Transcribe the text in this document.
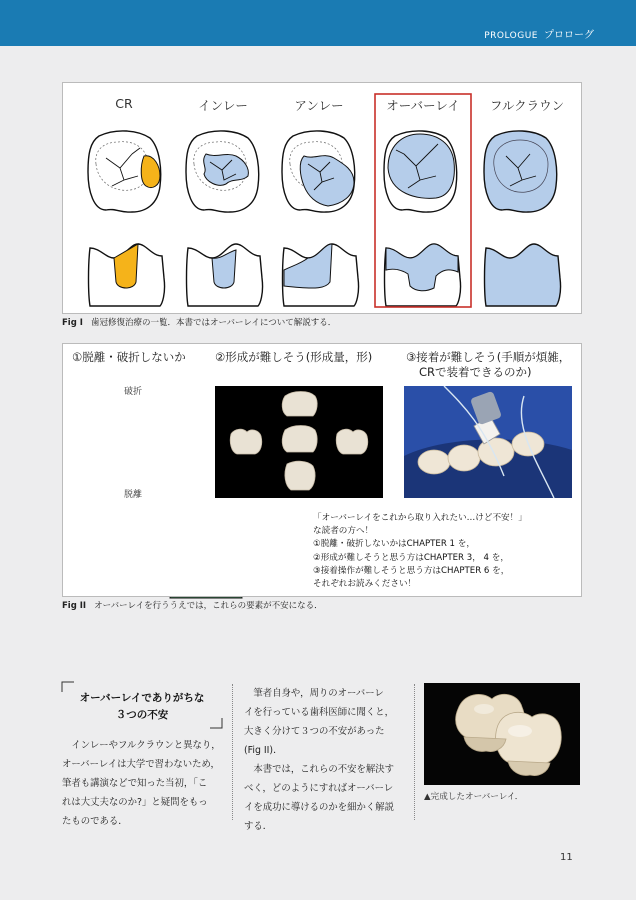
PROLOGUE プロローグ
CR	インレー	アンレー	オーバーレイ	フルクラウン
Fig I 歯冠修復治療の一覧．本書ではオーバーレイについて解説する．
①脱離・破折しないか	②形成が難しそう(形成量，形)	③接着が難しそう(手順が煩雑，
CRで装着できるのか)
破折
脱離
「オーバーレイをこれから取り入れたい…けど不安！」
な読者の方へ！
①脱離・破折しないかはCHAPTER 1 を，
②形成が難しそうと思う方はCHAPTER 3， 4 を，
③接着操作が難しそうと思う方はCHAPTER 6 を，
それぞれお読みください！
Fig II オーバーレイを行ううえでは，これらの要素が不安になる．
オーバーレイでありがちな
３つの不安
　インレーやフルクラウンと異なり，
オーバーレイは大学で習わないため，
筆者も講演などで知った当初，「こ
れは大丈夫なのか?」と疑問をもっ
たものである．
　筆者自身や，周りのオーバーレ
イを行っている歯科医師に聞くと，
大きく分けて３つの不安があった
(Fig II)．
　本書では，これらの不安を解決す
べく，どのようにすればオーバーレ
イを成功に導けるのかを細かく解説
する．
▲完成したオーバーレイ．
11
